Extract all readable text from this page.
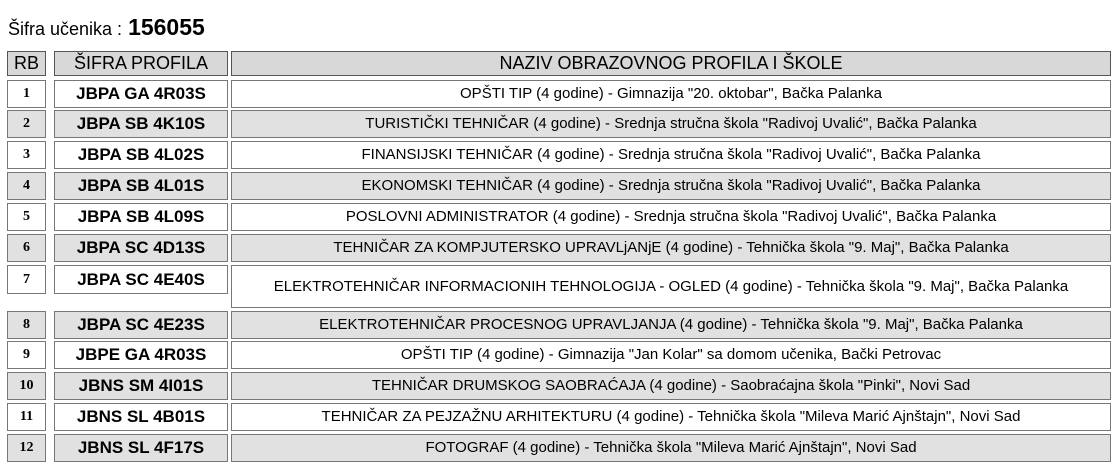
Šifra učenika : 156055
RB	ŠIFRA PROFILA	NAZIV OBRAZOVNOG PROFILA I ŠKOLE
1	JBPA GA 4R03S	OPŠTI TIP (4 godine) - Gimnazija "20. oktobar", Bačka Palanka
2	JBPA SB 4K10S	TURISTIČKI TEHNIČAR (4 godine) - Srednja stručna škola "Radivoj Uvalić", Bačka Palanka
3	JBPA SB 4L02S	FINANSIJSKI TEHNIČAR (4 godine) - Srednja stručna škola "Radivoj Uvalić", Bačka Palanka
4	JBPA SB 4L01S	EKONOMSKI TEHNIČAR (4 godine) - Srednja stručna škola "Radivoj Uvalić", Bačka Palanka
5	JBPA SB 4L09S	POSLOVNI ADMINISTRATOR (4 godine) - Srednja stručna škola "Radivoj Uvalić", Bačka Palanka
6	JBPA SC 4D13S	TEHNIČAR ZA KOMPJUTERSKO UPRAVLjANjE (4 godine) - Tehnička škola "9. Maj", Bačka Palanka
7	JBPA SC 4E40S	ELEKTROTEHNIČAR INFORMACIONIH TEHNOLOGIJA - OGLED (4 godine) - Tehnička škola "9. Maj", Bačka Palanka
8	JBPA SC 4E23S	ELEKTROTEHNIČAR PROCESNOG UPRAVLJANJA (4 godine) - Tehnička škola "9. Maj", Bačka Palanka
9	JBPE GA 4R03S	OPŠTI TIP (4 godine) - Gimnazija "Jan Kolar" sa domom učenika, Bački Petrovac
10	JBNS SM 4I01S	TEHNIČAR DRUMSKOG SAOBRAĆAJA (4 godine) - Saobraćajna škola "Pinki", Novi Sad
11	JBNS SL 4B01S	TEHNIČAR ZA PEJZAŽNU ARHITEKTURU (4 godine) - Tehnička škola "Mileva Marić Ajnštajn", Novi Sad
12	JBNS SL 4F17S	FOTOGRAF (4 godine) - Tehnička škola "Mileva Marić Ajnštajn", Novi Sad
